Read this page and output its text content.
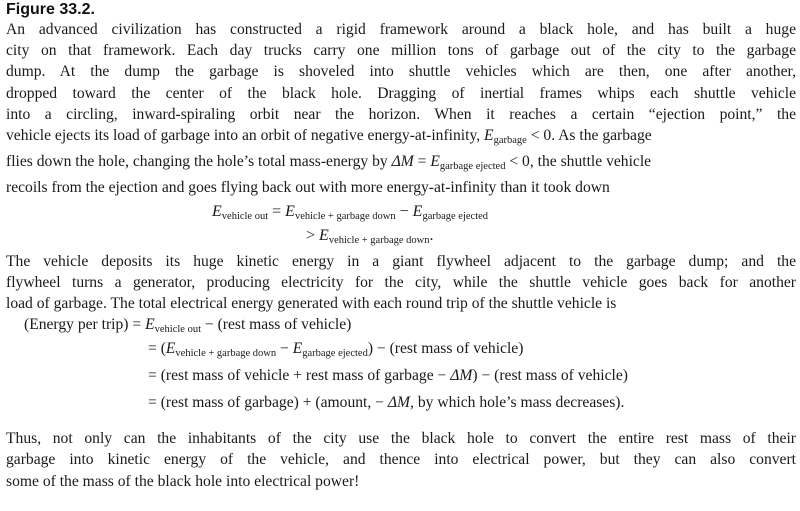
Figure 33.2.
An advanced civilization has constructed a rigid framework around a black hole, and has built a huge
city on that framework. Each day trucks carry one million tons of garbage out of the city to the garbage
dump. At the dump the garbage is shoveled into shuttle vehicles which are then, one after another,
dropped toward the center of the black hole. Dragging of inertial frames whips each shuttle vehicle
into a circling, inward-spiraling orbit near the horizon. When it reaches a certain “ejection point,” the
vehicle ejects its load of garbage into an orbit of negative energy-at-infinity, $E_{garbage} < 0$. As the garbage
flies down the hole, changing the hole’s total mass-energy by $\Delta M = E_{garbage ejected} < 0$, the shuttle vehicle
recoils from the ejection and goes flying back out with more energy-at-infinity than it took down
$E_{vehicle out} = E_{vehicle + garbage down} - E_{garbage ejected}$
> $E_{vehicle + garbage down}$.
The vehicle deposits its huge kinetic energy in a giant flywheel adjacent to the garbage dump; and the
flywheel turns a generator, producing electricity for the city, while the shuttle vehicle goes back for another
load of garbage. The total electrical energy generated with each round trip of the shuttle vehicle is
(Energy per trip) = $E_{vehicle out}$ − (rest mass of vehicle)
= $(E_{vehicle + garbage down} - E_{garbage ejected})$ − (rest mass of vehicle)
= (rest mass of vehicle + rest mass of garbage − ΔM) − (rest mass of vehicle)
= (rest mass of garbage) + (amount, − ΔM, by which hole’s mass decreases).
Thus, not only can the inhabitants of the city use the black hole to convert the entire rest mass of their
garbage into kinetic energy of the vehicle, and thence into electrical power, but they can also convert
some of the mass of the black hole into electrical power!
